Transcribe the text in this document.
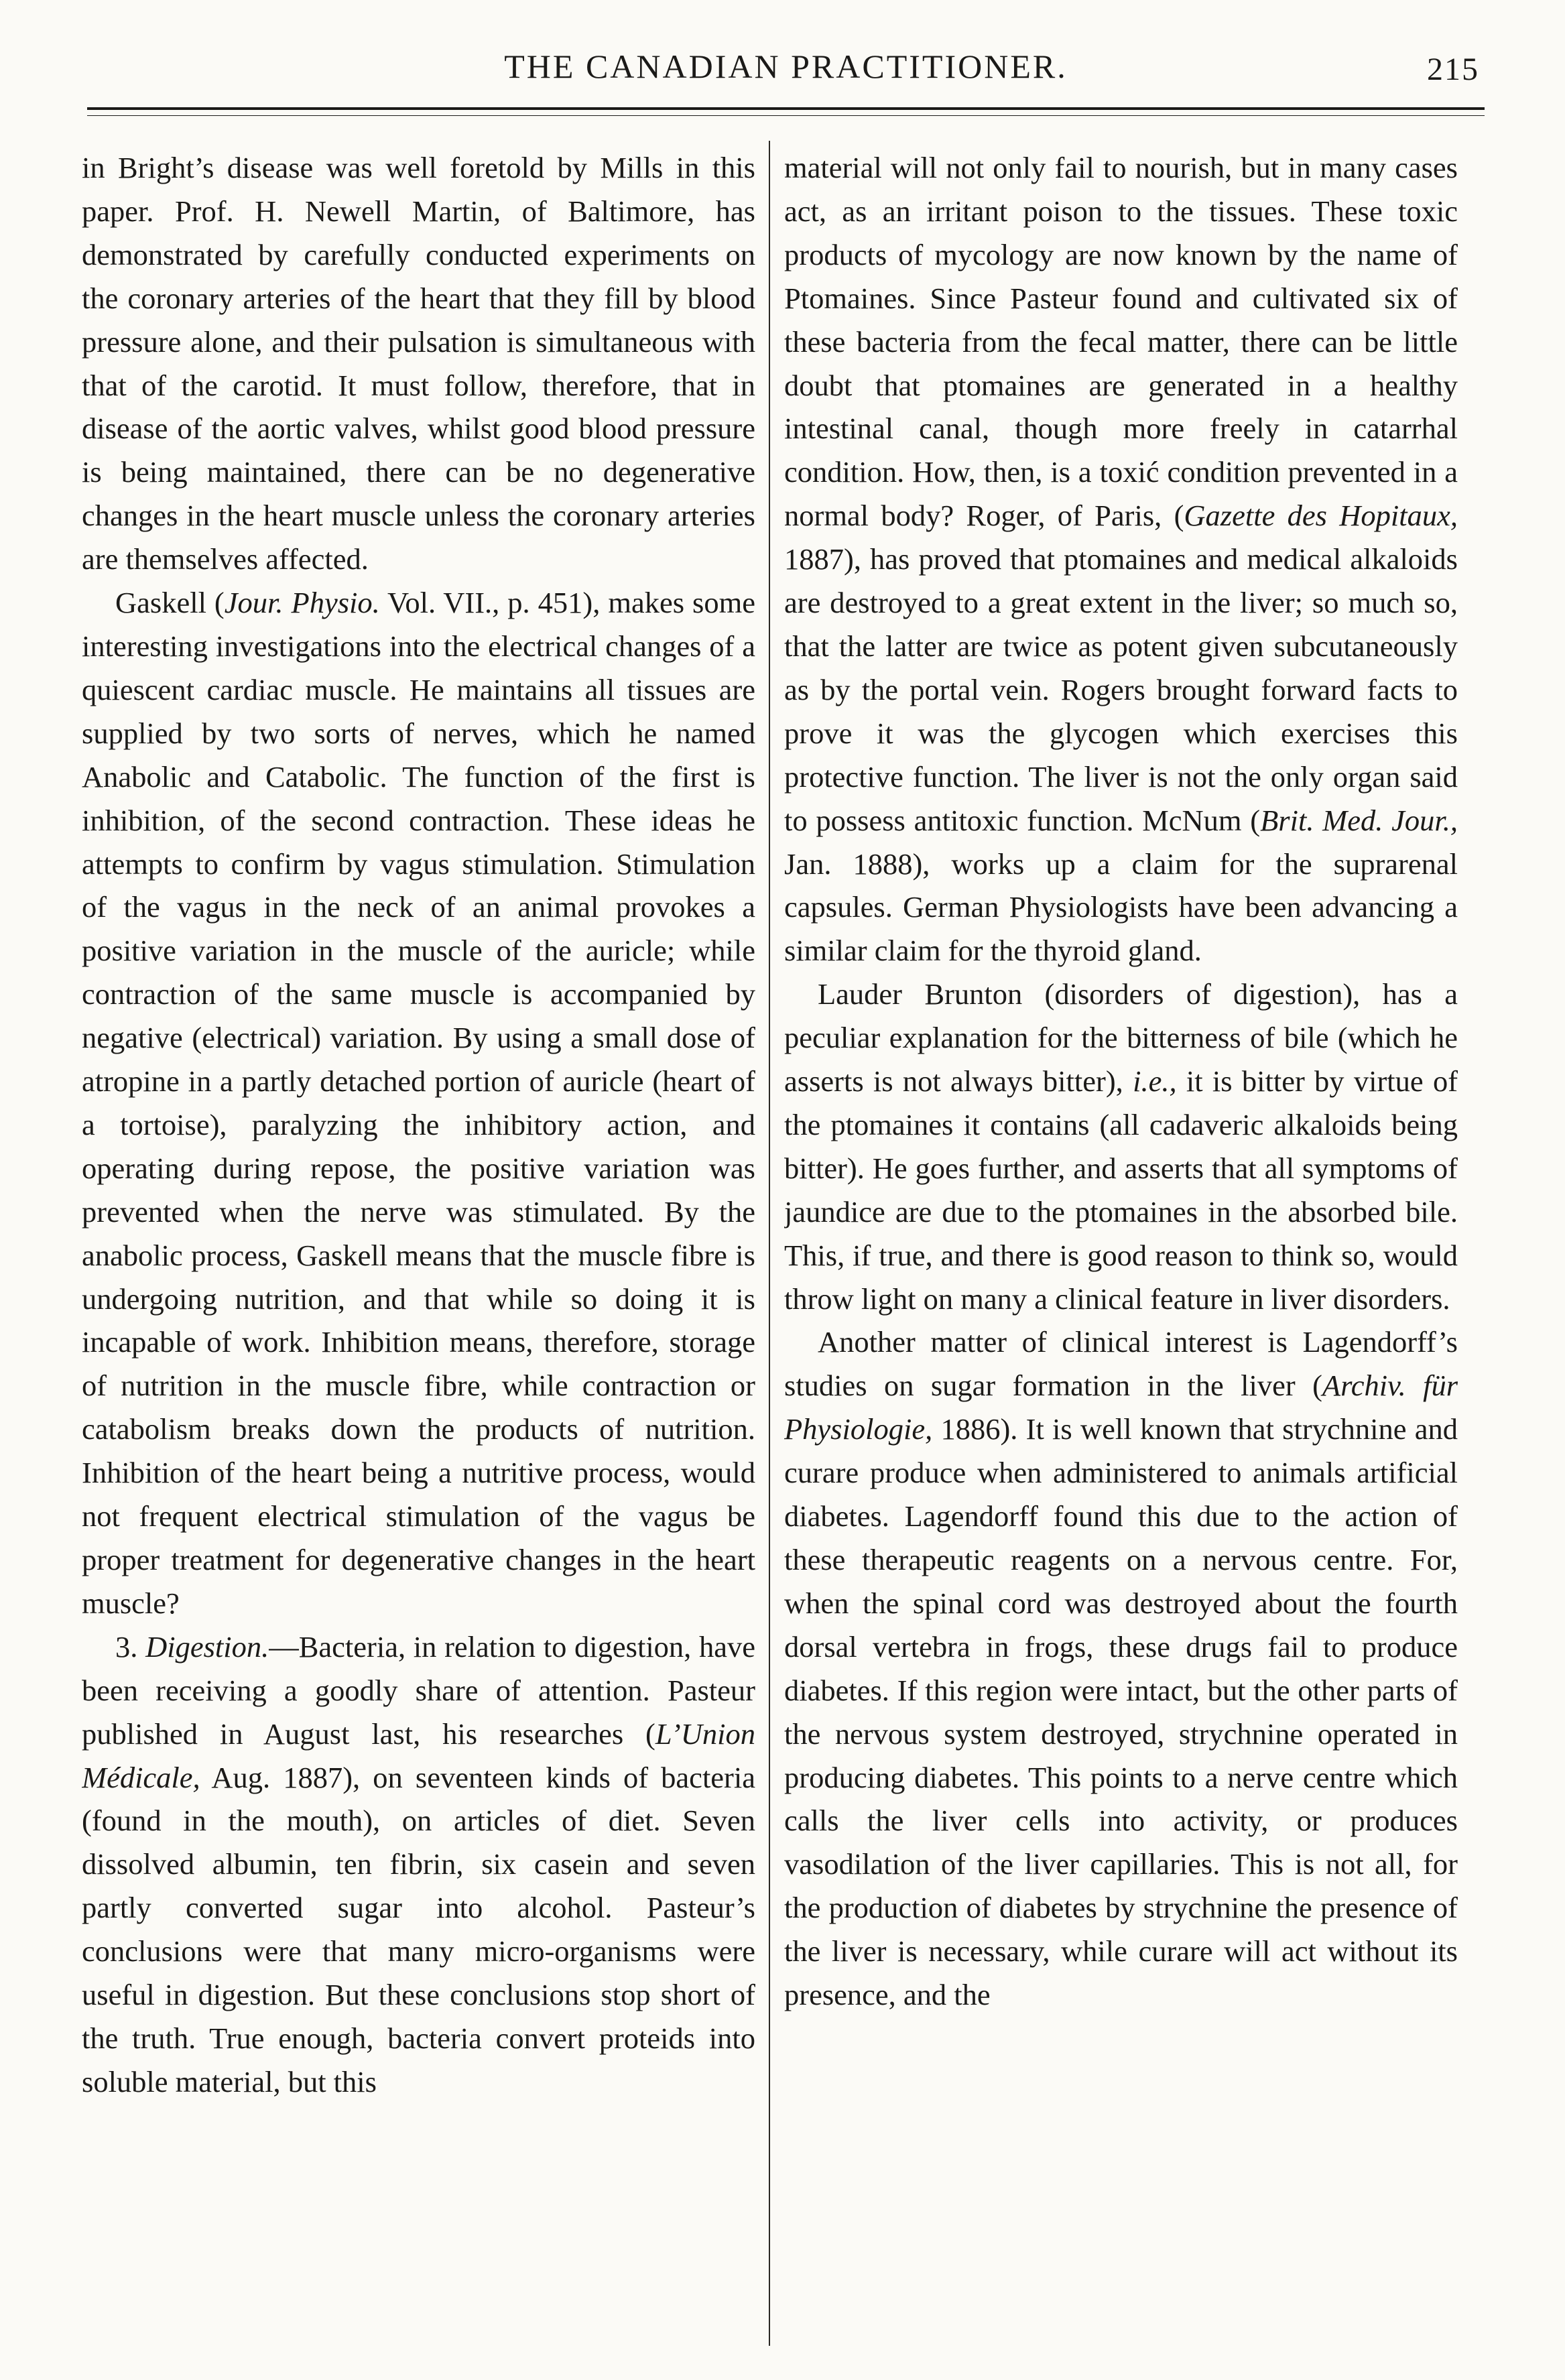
THE CANADIAN PRACTITIONER.	215

in Bright’s disease was well foretold by Mills in this paper. Prof. H. Newell Martin, of Baltimore, has demonstrated by carefully conducted experiments on the coronary arteries of the heart that they fill by blood pressure alone, and their pulsation is simultaneous with that of the carotid. It must follow, therefore, that in disease of the aortic valves, whilst good blood pressure is being maintained, there can be no degenerative changes in the heart muscle unless the coronary arteries are themselves affected.

Gaskell (Jour. Physio. Vol. VII., p. 451), makes some interesting investigations into the electrical changes of a quiescent cardiac muscle. He maintains all tissues are supplied by two sorts of nerves, which he named Anabolic and Catabolic. The function of the first is inhibition, of the second contraction. These ideas he attempts to confirm by vagus stimulation. Stimulation of the vagus in the neck of an animal provokes a positive variation in the muscle of the auricle; while contraction of the same muscle is accompanied by negative (electrical) variation. By using a small dose of atropine in a partly detached portion of auricle (heart of a tortoise), paralyzing the inhibitory action, and operating during repose, the positive variation was prevented when the nerve was stimulated. By the anabolic process, Gaskell means that the muscle fibre is undergoing nutrition, and that while so doing it is incapable of work. Inhibition means, therefore, storage of nutrition in the muscle fibre, while contraction or catabolism breaks down the products of nutrition. Inhibition of the heart being a nutritive process, would not frequent electrical stimulation of the vagus be proper treatment for degenerative changes in the heart muscle?

3. Digestion.—Bacteria, in relation to digestion, have been receiving a goodly share of attention. Pasteur published in August last, his researches (L’Union Médicale, Aug. 1887), on seventeen kinds of bacteria (found in the mouth), on articles of diet. Seven dissolved albumin, ten fibrin, six casein and seven partly converted sugar into alcohol. Pasteur’s conclusions were that many micro-organisms were useful in digestion. But these conclusions stop short of the truth. True enough, bacteria convert proteids into soluble material, but this

material will not only fail to nourish, but in many cases act, as an irritant poison to the tissues. These toxic products of mycology are now known by the name of Ptomaines. Since Pasteur found and cultivated six of these bacteria from the fecal matter, there can be little doubt that ptomaines are generated in a healthy intestinal canal, though more freely in catarrhal condition. How, then, is a toxić condition prevented in a normal body? Roger, of Paris, (Gazette des Hopitaux, 1887), has proved that ptomaines and medical alkaloids are destroyed to a great extent in the liver; so much so, that the latter are twice as potent given subcutaneously as by the portal vein. Rogers brought forward facts to prove it was the glycogen which exercises this protective function. The liver is not the only organ said to possess antitoxic function. McNum (Brit. Med. Jour., Jan. 1888), works up a claim for the suprarenal capsules. German Physiologists have been advancing a similar claim for the thyroid gland.

Lauder Brunton (disorders of digestion), has a peculiar explanation for the bitterness of bile (which he asserts is not always bitter), i.e., it is bitter by virtue of the ptomaines it contains (all cadaveric alkaloids being bitter). He goes further, and asserts that all symptoms of jaundice are due to the ptomaines in the absorbed bile. This, if true, and there is good reason to think so, would throw light on many a clinical feature in liver disorders.

Another matter of clinical interest is Lagendorff’s studies on sugar formation in the liver (Archiv. für Physiologie, 1886). It is well known that strychnine and curare produce when administered to animals artificial diabetes. Lagendorff found this due to the action of these therapeutic reagents on a nervous centre. For, when the spinal cord was destroyed about the fourth dorsal vertebra in frogs, these drugs fail to produce diabetes. If this region were intact, but the other parts of the nervous system destroyed, strychnine operated in producing diabetes. This points to a nerve centre which calls the liver cells into activity, or produces vasodilation of the liver capillaries. This is not all, for the production of diabetes by strychnine the presence of the liver is necessary, while curare will act without its presence, and the
